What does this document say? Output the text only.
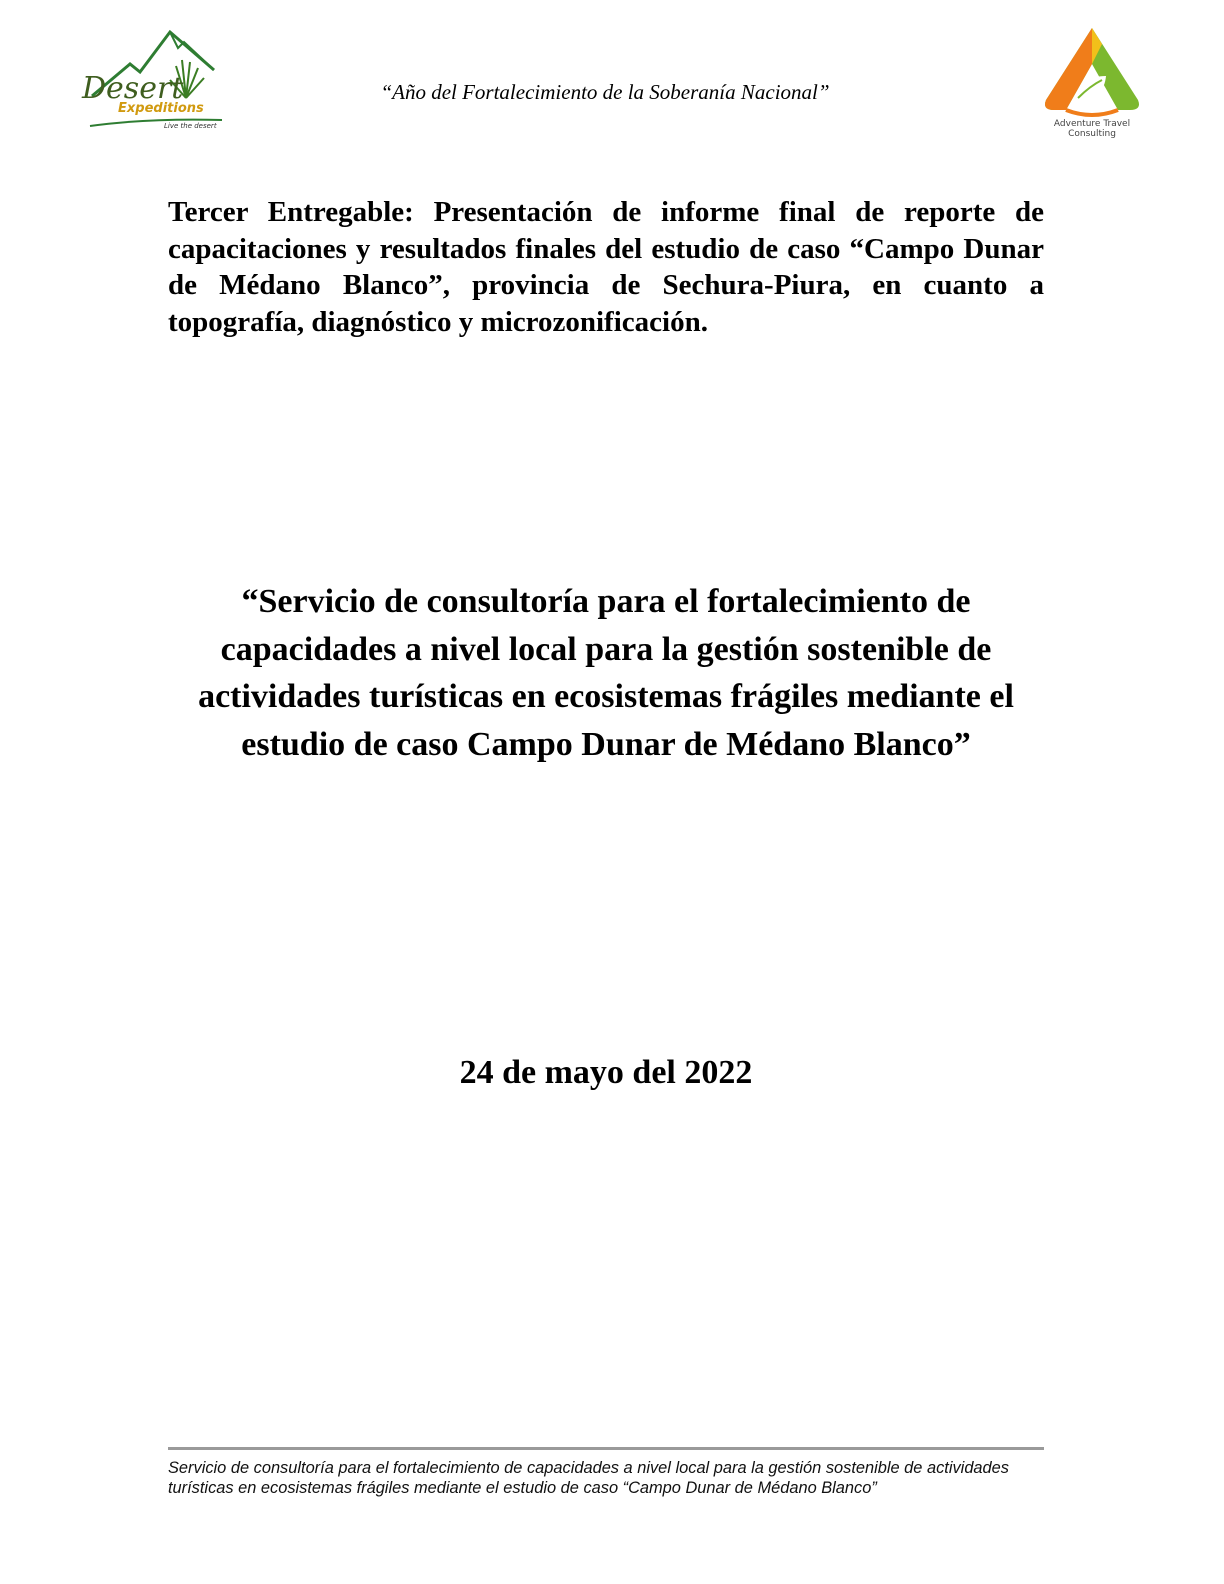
Desert
Expeditions
Live the desert
“Año del Fortalecimiento de la Soberanía Nacional”
Adventure Travel
Consulting

Tercer Entregable: Presentación de informe final de reporte de capacitaciones y resultados finales del estudio de caso “Campo Dunar de Médano Blanco”, provincia de Sechura-Piura, en cuanto a topografía, diagnóstico y microzonificación.

“Servicio de consultoría para el fortalecimiento de capacidades a nivel local para la gestión sostenible de actividades turísticas en ecosistemas frágiles mediante el estudio de caso Campo Dunar de Médano Blanco”

24 de mayo del 2022

Servicio de consultoría para el fortalecimiento de capacidades a nivel local para la gestión sostenible de actividades turísticas en ecosistemas frágiles mediante el estudio de caso “Campo Dunar de Médano Blanco”
